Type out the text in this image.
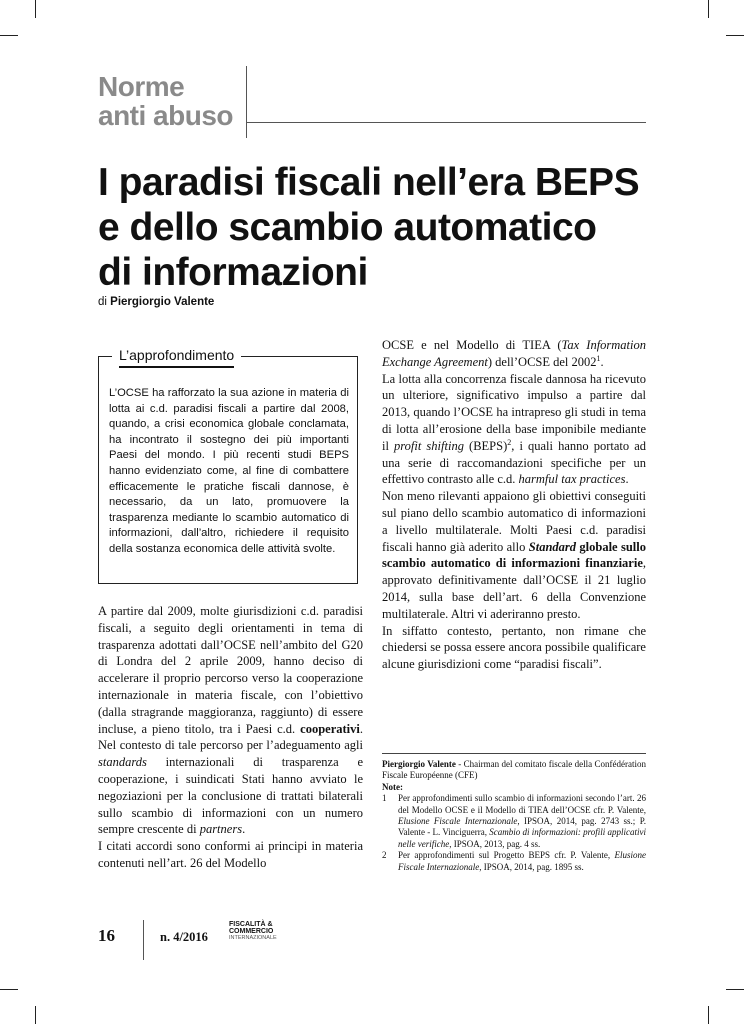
Norme
anti abuso
I paradisi fiscali nell’era BEPS
e dello scambio automatico
di informazioni
di Piergiorgio Valente
L’approfondimento
L’OCSE ha rafforzato la sua azione in materia di lotta ai c.d. paradisi fiscali a partire dal 2008, quando, a crisi economica globale conclamata, ha incontrato il sostegno dei più importanti Paesi del mondo. I più recenti studi BEPS hanno evidenziato come, al fine di combattere efficacemente le pratiche fiscali dannose, è necessario, da un lato, promuovere la trasparenza mediante lo scambio automatico di informazioni, dall’altro, richiedere il requisito della sostanza economica delle attività svolte.

A partire dal 2009, molte giurisdizioni c.d. paradisi fiscali, a seguito degli orientamenti in tema di trasparenza adottati dall’OCSE nell’ambito del G20 di Londra del 2 aprile 2009, hanno deciso di accelerare il proprio percorso verso la cooperazione internazionale in materia fiscale, con l’obiettivo (dalla stragrande maggioranza, raggiunto) di essere incluse, a pieno titolo, tra i Paesi c.d. cooperativi. Nel contesto di tale percorso per l’adeguamento agli standards internazionali di trasparenza e cooperazione, i suindicati Stati hanno avviato le negoziazioni per la conclusione di trattati bilaterali sullo scambio di informazioni con un numero sempre crescente di partners.

I citati accordi sono conformi ai principi in materia contenuti nell’art. 26 del Modello

OCSE e nel Modello di TIEA (Tax Information Exchange Agreement) dell’OCSE del 2002$^1$.

La lotta alla concorrenza fiscale dannosa ha ricevuto un ulteriore, significativo impulso a partire dal 2013, quando l’OCSE ha intrapreso gli studi in tema di lotta all’erosione della base imponibile mediante il profit shifting (BEPS)$^2$, i quali hanno portato ad una serie di raccomandazioni specifiche per un effettivo contrasto alle c.d. harmful tax practices.

Non meno rilevanti appaiono gli obiettivi conseguiti sul piano dello scambio automatico di informazioni a livello multilaterale. Molti Paesi c.d. paradisi fiscali hanno già aderito allo Standard globale sullo scambio automatico di informazioni finanziarie, approvato definitivamente dall’OCSE il 21 luglio 2014, sulla base dell’art. 6 della Convenzione multilaterale. Altri vi aderiranno presto.

In siffatto contesto, pertanto, non rimane che chiedersi se possa essere ancora possibile qualificare alcune giurisdizioni come “paradisi fiscali”.

Piergiorgio Valente - Chairman del comitato fiscale della Confédération Fiscale Européenne (CFE)

Note:

1	Per approfondimenti sullo scambio di informazioni secondo l’art. 26 del Modello OCSE e il Modello di TIEA dell’OCSE cfr. P. Valente, Elusione Fiscale Internazionale, IPSOA, 2014, pag. 2743 ss.; P. Valente - L. Vinciguerra, Scambio di informazioni: profili applicativi nelle verifiche, IPSOA, 2013, pag. 4 ss.
2	Per approfondimenti sul Progetto BEPS cfr. P. Valente, Elusione Fiscale Internazionale, IPSOA, 2014, pag. 1895 ss.
16	n. 4/2016
FISCALITÀ &
COMMERCIO
INTERNAZIONALE
